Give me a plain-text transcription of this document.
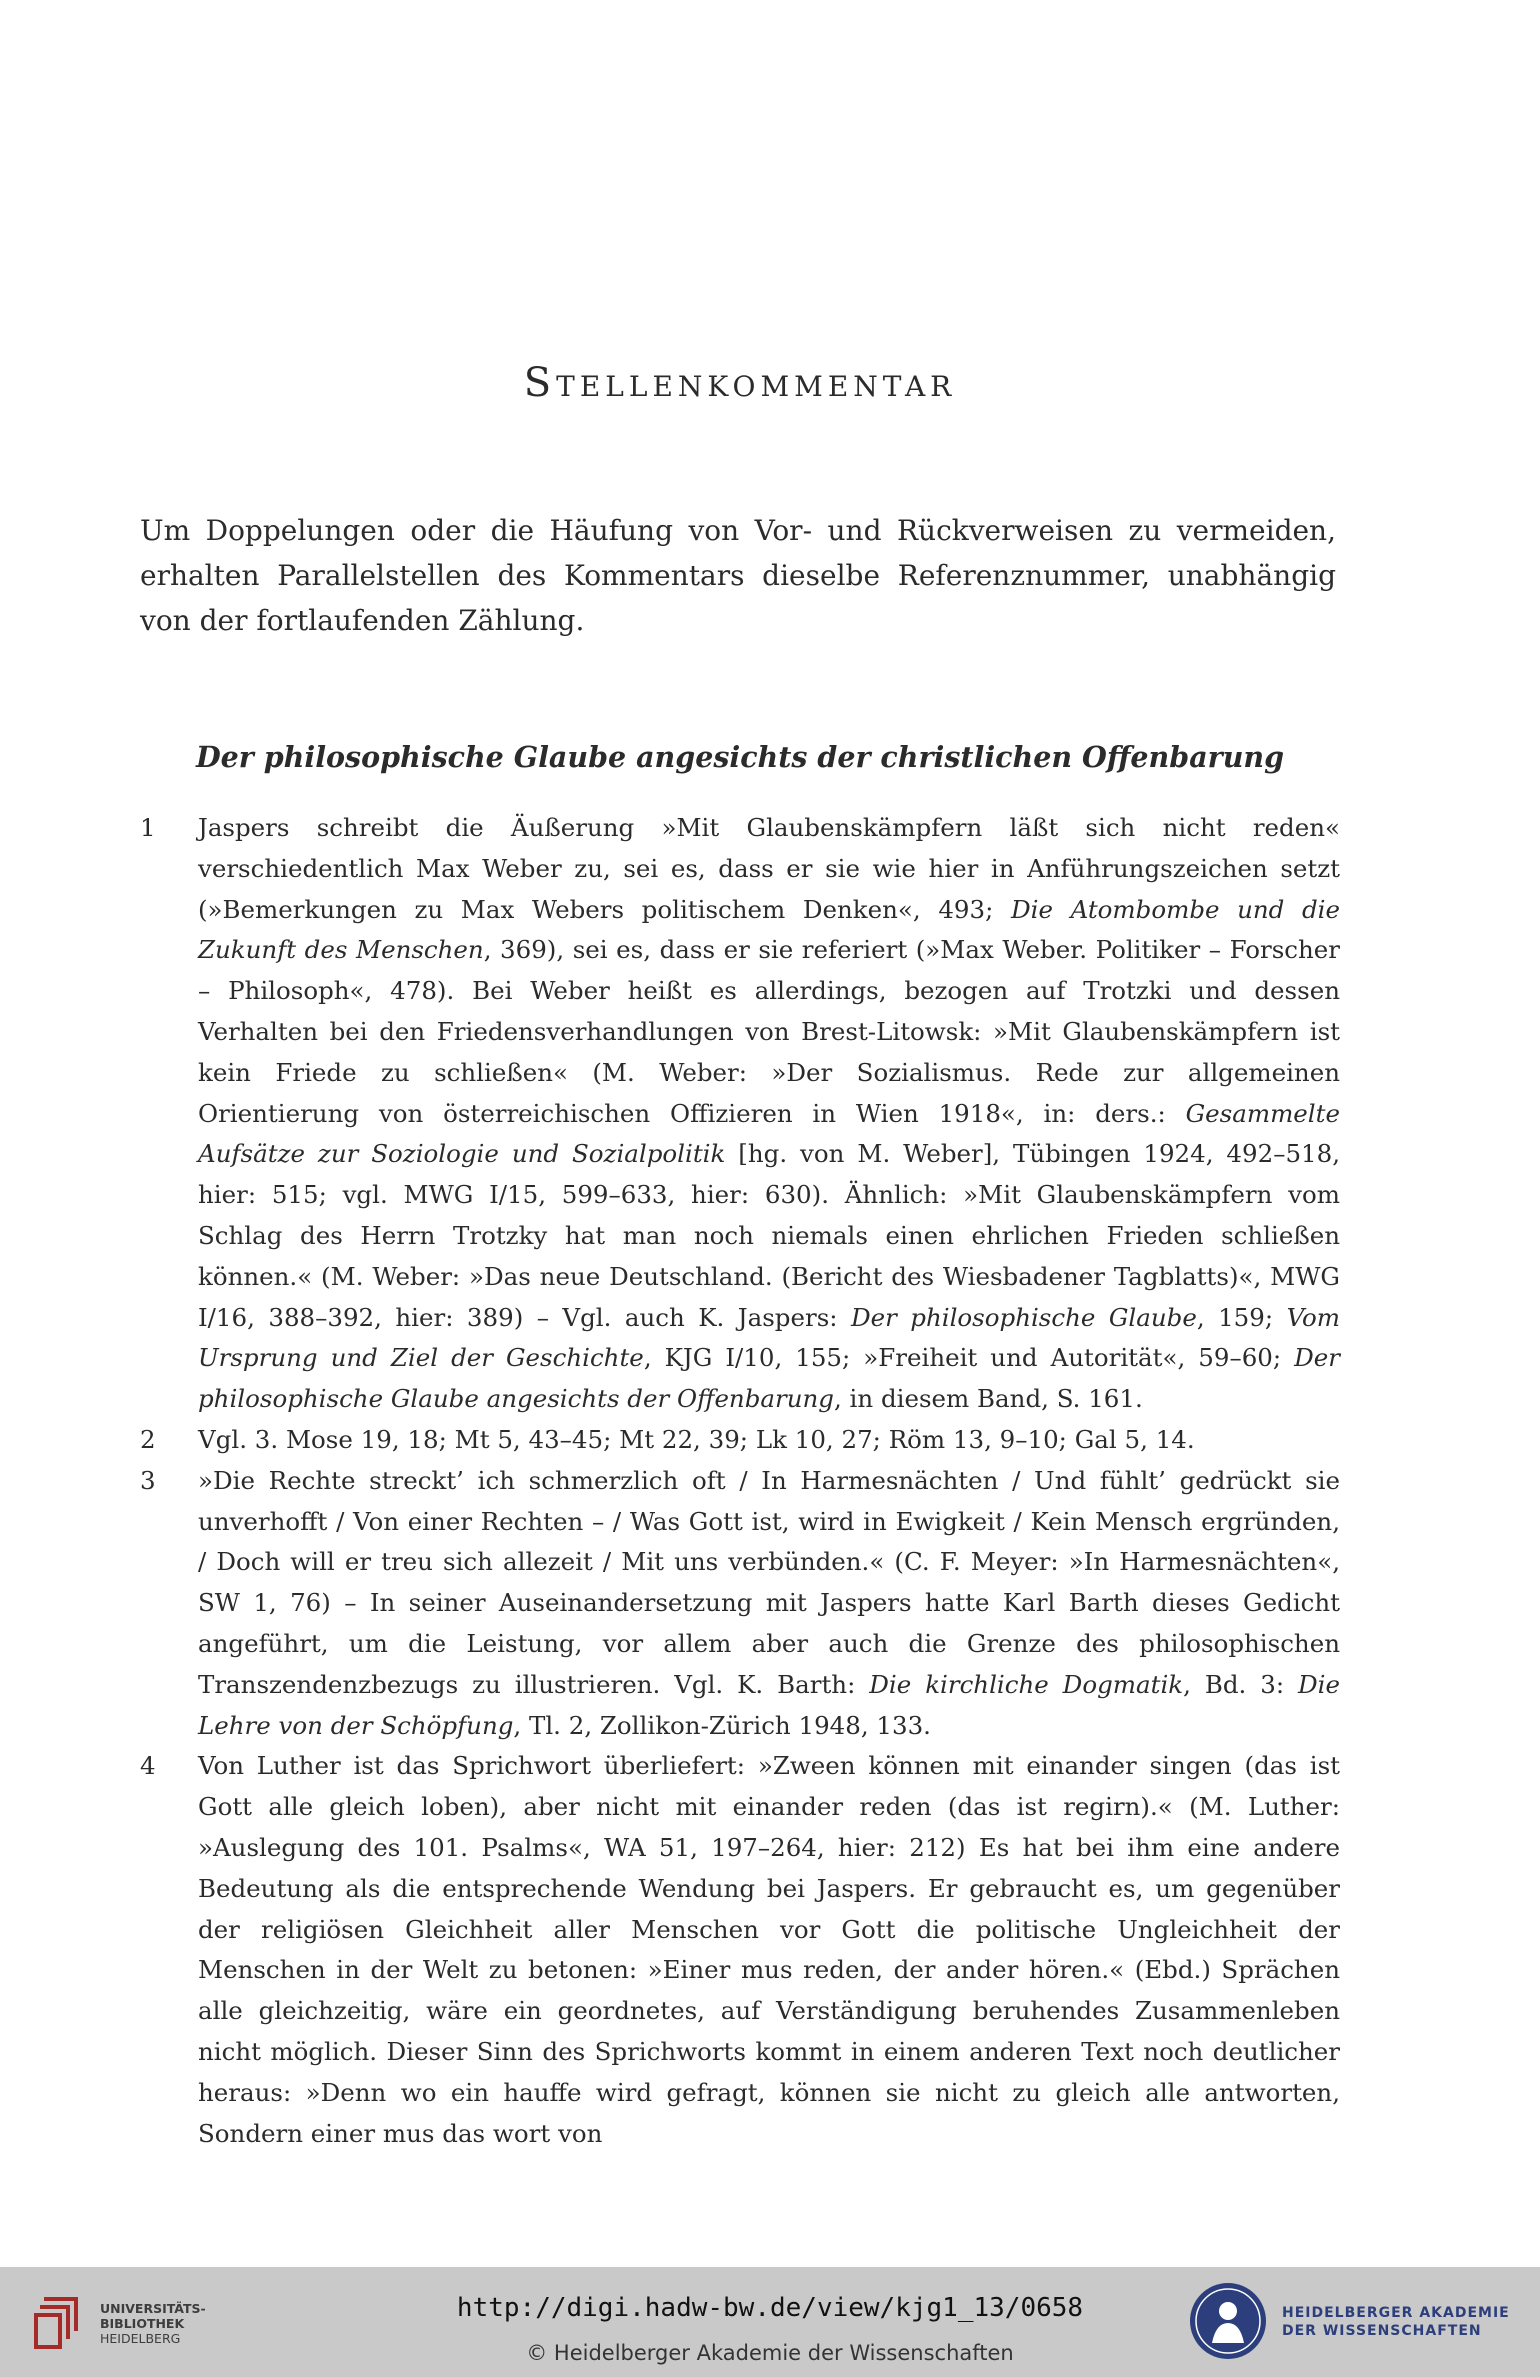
Stellenkommentar

Um Doppelungen oder die Häufung von Vor- und Rückverweisen zu vermeiden, erhalten Parallelstellen des Kommentars dieselbe Referenznummer, unabhängig von der fortlaufenden Zählung.

Der philosophische Glaube angesichts der christlichen Offenbarung
1 Jaspers schreibt die Äußerung »Mit Glaubenskämpfern läßt sich nicht reden« verschiedentlich Max Weber zu, sei es, dass er sie wie hier in Anführungszeichen setzt (»Bemerkungen zu Max Webers politischem Denken«, 493; Die Atombombe und die Zukunft des Menschen, 369), sei es, dass er sie referiert (»Max Weber. Politiker – Forscher – Philosoph«, 478). Bei Weber heißt es allerdings, bezogen auf Trotzki und dessen Verhalten bei den Friedensverhandlungen von Brest-Litowsk: »Mit Glaubenskämpfern ist kein Friede zu schließen« (M. Weber: »Der Sozialismus. Rede zur allgemeinen Orientierung von österreichischen Offizieren in Wien 1918«, in: ders.: Gesammelte Aufsätze zur Soziologie und Sozialpolitik [hg. von M. Weber], Tübingen 1924, 492–518, hier: 515; vgl. MWG I/15, 599–633, hier: 630). Ähnlich: »Mit Glaubenskämpfern vom Schlag des Herrn Trotzky hat man noch niemals einen ehrlichen Frieden schließen können.« (M. Weber: »Das neue Deutschland. (Bericht des Wiesbadener Tagblatts)«, MWG I/16, 388–392, hier: 389) – Vgl. auch K. Jaspers: Der philosophische Glaube, 159; Vom Ursprung und Ziel der Geschichte, KJG I/10, 155; »Freiheit und Autorität«, 59–60; Der philosophische Glaube angesichts der Offenbarung, in diesem Band, S. 161.

2 Vgl. 3. Mose 19, 18; Mt 5, 43–45; Mt 22, 39; Lk 10, 27; Röm 13, 9–10; Gal 5, 14.

3 »Die Rechte streckt’ ich schmerzlich oft / In Harmesnächten / Und fühlt’ gedrückt sie unverhofft / Von einer Rechten – / Was Gott ist, wird in Ewigkeit / Kein Mensch ergründen, / Doch will er treu sich allezeit / Mit uns verbünden.« (C. F. Meyer: »In Harmesnächten«, SW 1, 76) – In seiner Auseinandersetzung mit Jaspers hatte Karl Barth dieses Gedicht angeführt, um die Leistung, vor allem aber auch die Grenze des philosophischen Transzendenzbezugs zu illustrieren. Vgl. K. Barth: Die kirchliche Dogmatik, Bd. 3: Die Lehre von der Schöpfung, Tl. 2, Zollikon-Zürich 1948, 133.

4 Von Luther ist das Sprichwort überliefert: »Zween können mit einander singen (das ist Gott alle gleich loben), aber nicht mit einander reden (das ist regirn).« (M. Luther: »Auslegung des 101. Psalms«, WA 51, 197–264, hier: 212) Es hat bei ihm eine andere Bedeutung als die entsprechende Wendung bei Jaspers. Er gebraucht es, um gegenüber der religiösen Gleichheit aller Menschen vor Gott die politische Ungleichheit der Menschen in der Welt zu betonen: »Einer mus reden, der ander hören.« (Ebd.) Sprächen alle gleichzeitig, wäre ein geordnetes, auf Verständigung beruhendes Zusammenleben nicht möglich. Dieser Sinn des Sprichworts kommt in einem anderen Text noch deutlicher heraus: »Denn wo ein hauffe wird gefragt, können sie nicht zu gleich alle antworten, Sondern einer mus das wort von

UNIVERSITÄTS-
BIBLIOTHEK
HEIDELBERG
http://digi.hadw-bw.de/view/kjg1_13/0658
© Heidelberger Akademie der Wissenschaften
HEIDELBERGER AKADEMIE
DER WISSENSCHAFTEN
